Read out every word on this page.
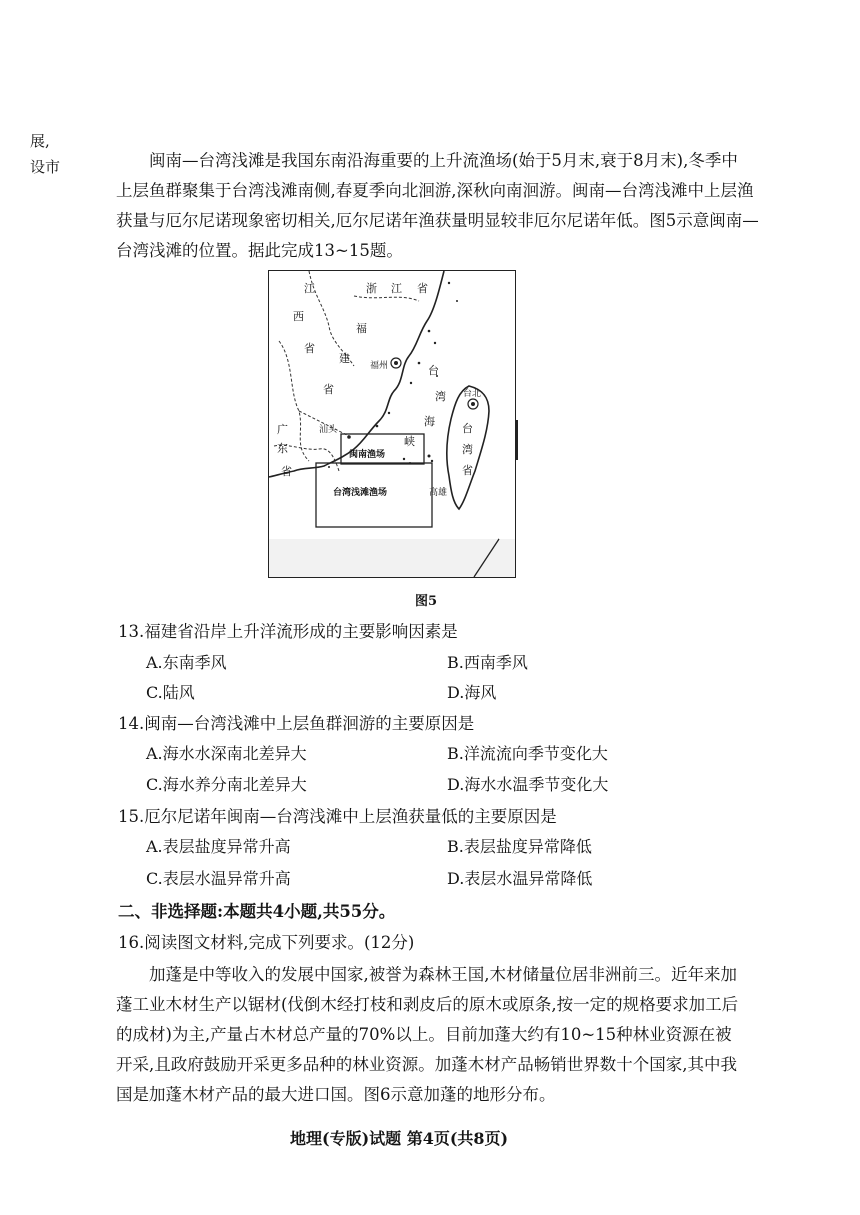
展,
设市	闽南—台湾浅滩是我国东南沿海重要的上升流渔场(始于5月末,衰于8月末),冬季中
上层鱼群聚集于台湾浅滩南侧,春夏季向北洄游,深秋向南洄游。闽南—台湾浅滩中上层渔
获量与厄尔尼诺现象密切相关,厄尔尼诺年渔获量明显较非厄尔尼诺年低。图5示意闽南—
台湾浅滩的位置。据此完成13~15题。
江
西
省
浙 江 省
福
建
省
福州	台
湾
海
台北
台
湾
省
汕头
广
东
省
峡
闽南渔场
台湾浅滩渔场	高雄
图5
13.福建省沿岸上升洋流形成的主要影响因素是
A.东南季风	B.西南季风
C.陆风	D.海风
14.闽南—台湾浅滩中上层鱼群洄游的主要原因是
A.海水水深南北差异大	B.洋流流向季节变化大
C.海水养分南北差异大	D.海水水温季节变化大
15.厄尔尼诺年闽南—台湾浅滩中上层渔获量低的主要原因是
A.表层盐度异常升高	B.表层盐度异常降低
C.表层水温异常升高	D.表层水温异常降低
二、非选择题:本题共4小题,共55分。
16.阅读图文材料,完成下列要求。(12分)
加蓬是中等收入的发展中国家,被誉为森林王国,木材储量位居非洲前三。近年来加
蓬工业木材生产以锯材(伐倒木经打枝和剥皮后的原木或原条,按一定的规格要求加工后
的成材)为主,产量占木材总产量的70%以上。目前加蓬大约有10~15种林业资源在被
开采,且政府鼓励开采更多品种的林业资源。加蓬木材产品畅销世界数十个国家,其中我
国是加蓬木材产品的最大进口国。图6示意加蓬的地形分布。
地理(专版)试题 第4页(共8页)
